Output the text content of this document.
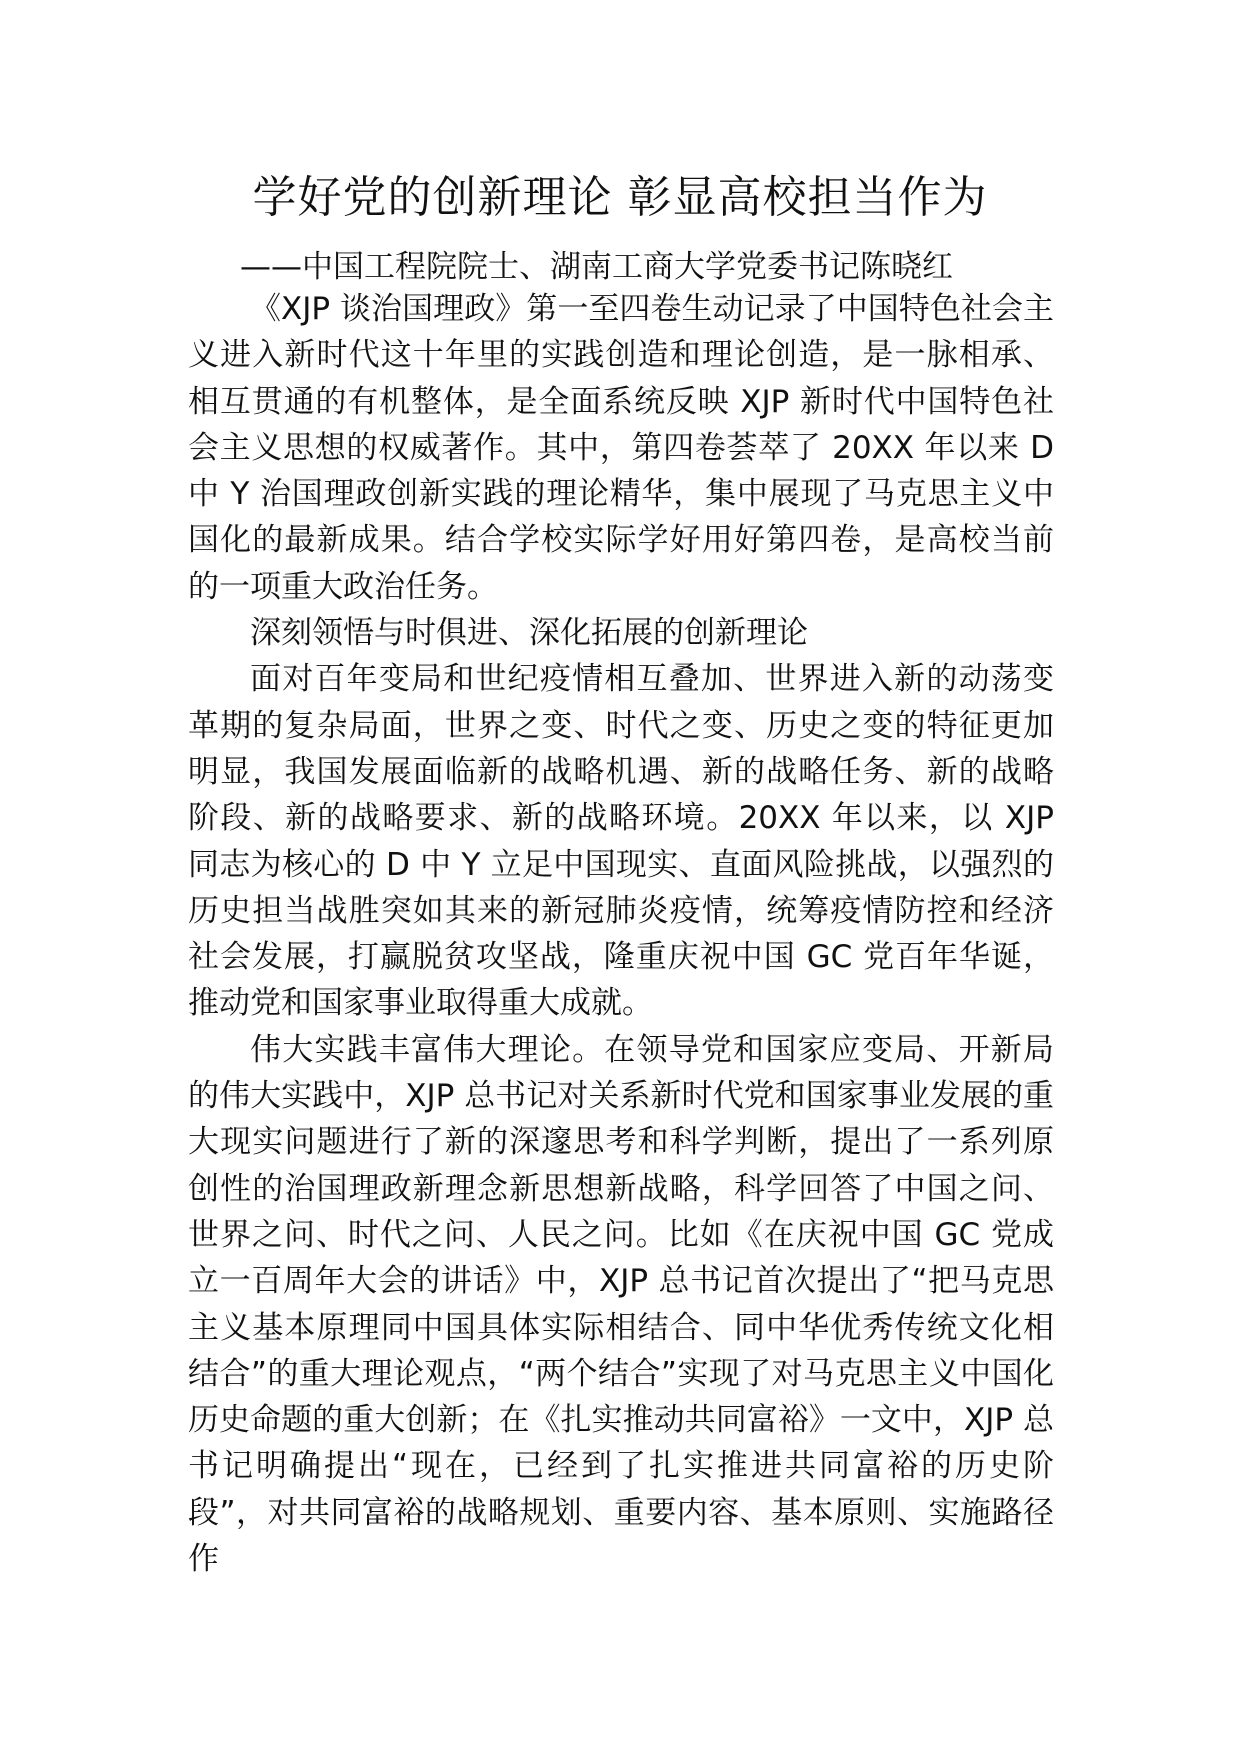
学好党的创新理论 彰显高校担当作为

——中国工程院院士、湖南工商大学党委书记陈晓红

《XJP 谈治国理政》第一至四卷生动记录了中国特色社会主义进入新时代这十年里的实践创造和理论创造，是一脉相承、相互贯通的有机整体，是全面系统反映 XJP 新时代中国特色社会主义思想的权威著作。其中，第四卷荟萃了 20XX 年以来 D 中 Y 治国理政创新实践的理论精华，集中展现了马克思主义中国化的最新成果。结合学校实际学好用好第四卷，是高校当前的一项重大政治任务。

深刻领悟与时俱进、深化拓展的创新理论

面对百年变局和世纪疫情相互叠加、世界进入新的动荡变革期的复杂局面，世界之变、时代之变、历史之变的特征更加明显，我国发展面临新的战略机遇、新的战略任务、新的战略阶段、新的战略要求、新的战略环境。20XX 年以来，以 XJP 同志为核心的 D 中 Y 立足中国现实、直面风险挑战，以强烈的历史担当战胜突如其来的新冠肺炎疫情，统筹疫情防控和经济社会发展，打赢脱贫攻坚战，隆重庆祝中国 GC 党百年华诞，推动党和国家事业取得重大成就。

伟大实践丰富伟大理论。在领导党和国家应变局、开新局的伟大实践中，XJP 总书记对关系新时代党和国家事业发展的重大现实问题进行了新的深邃思考和科学判断，提出了一系列原创性的治国理政新理念新思想新战略，科学回答了中国之问、世界之问、时代之问、人民之问。比如《在庆祝中国 GC 党成立一百周年大会的讲话》中，XJP 总书记首次提出了“把马克思主义基本原理同中国具体实际相结合、同中华优秀传统文化相结合”的重大理论观点，“两个结合”实现了对马克思主义中国化历史命题的重大创新；在《扎实推动共同富裕》一文中，XJP 总书记明确提出“现在，已经到了扎实推进共同富裕的历史阶段”，对共同富裕的战略规划、重要内容、基本原则、实施路径作
